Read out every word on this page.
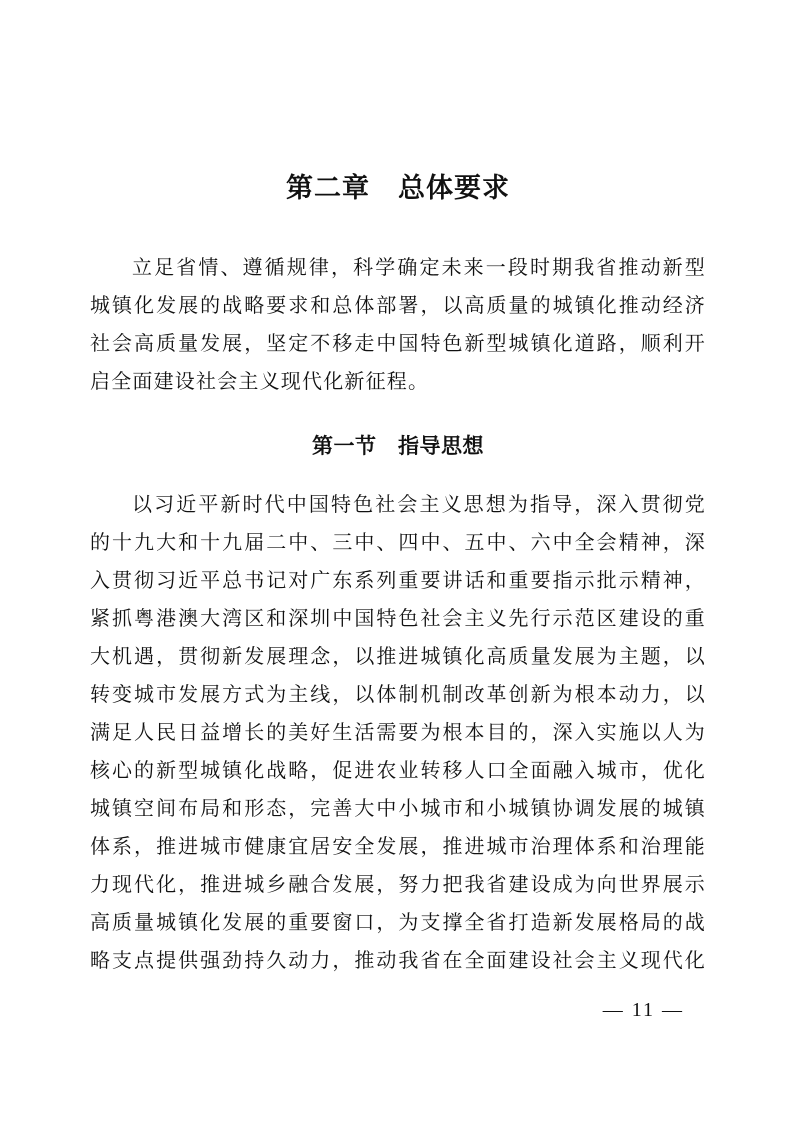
第二章　总体要求
立足省情、遵循规律，科学确定未来一段时期我省推动新型
城镇化发展的战略要求和总体部署，以高质量的城镇化推动经济
社会高质量发展，坚定不移走中国特色新型城镇化道路，顺利开
启全面建设社会主义现代化新征程。
第一节　指导思想
以习近平新时代中国特色社会主义思想为指导，深入贯彻党
的十九大和十九届二中、三中、四中、五中、六中全会精神，深
入贯彻习近平总书记对广东系列重要讲话和重要指示批示精神，
紧抓粤港澳大湾区和深圳中国特色社会主义先行示范区建设的重
大机遇，贯彻新发展理念，以推进城镇化高质量发展为主题，以
转变城市发展方式为主线，以体制机制改革创新为根本动力，以
满足人民日益增长的美好生活需要为根本目的，深入实施以人为
核心的新型城镇化战略，促进农业转移人口全面融入城市，优化
城镇空间布局和形态，完善大中小城市和小城镇协调发展的城镇
体系，推进城市健康宜居安全发展，推进城市治理体系和治理能
力现代化，推进城乡融合发展，努力把我省建设成为向世界展示
高质量城镇化发展的重要窗口，为支撑全省打造新发展格局的战
略支点提供强劲持久动力，推动我省在全面建设社会主义现代化
— 11 —
